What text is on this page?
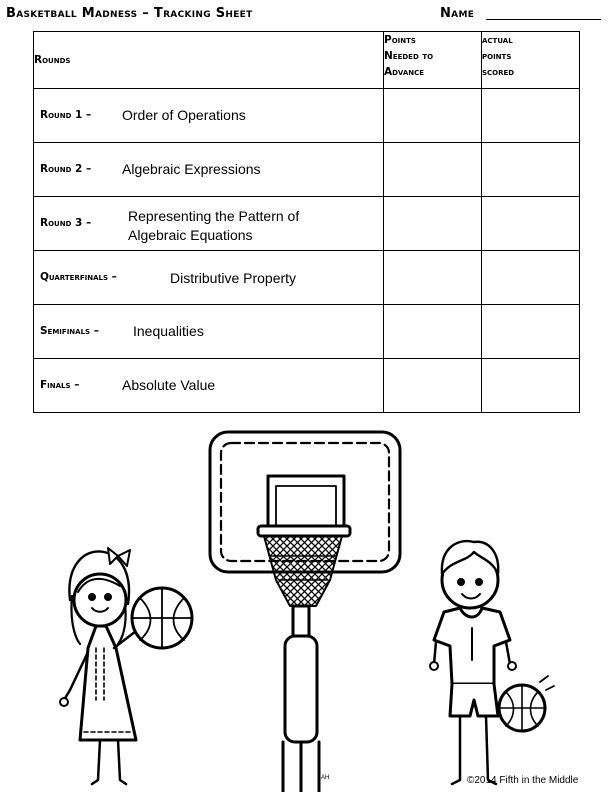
Basketball Madness – Tracking Sheet	Name
Rounds	Points Needed to Advance	actual points scored

Round 1 – Order of Operations		

Round 2 – Algebraic Expressions		

Round 3 – Representing the Pattern of Algebraic Equations		

Quarterfinals – Distributive Property		

Semifinals – Inequalities		

Finals – Absolute Value		

AH	©2014 Fifth in the Middle
